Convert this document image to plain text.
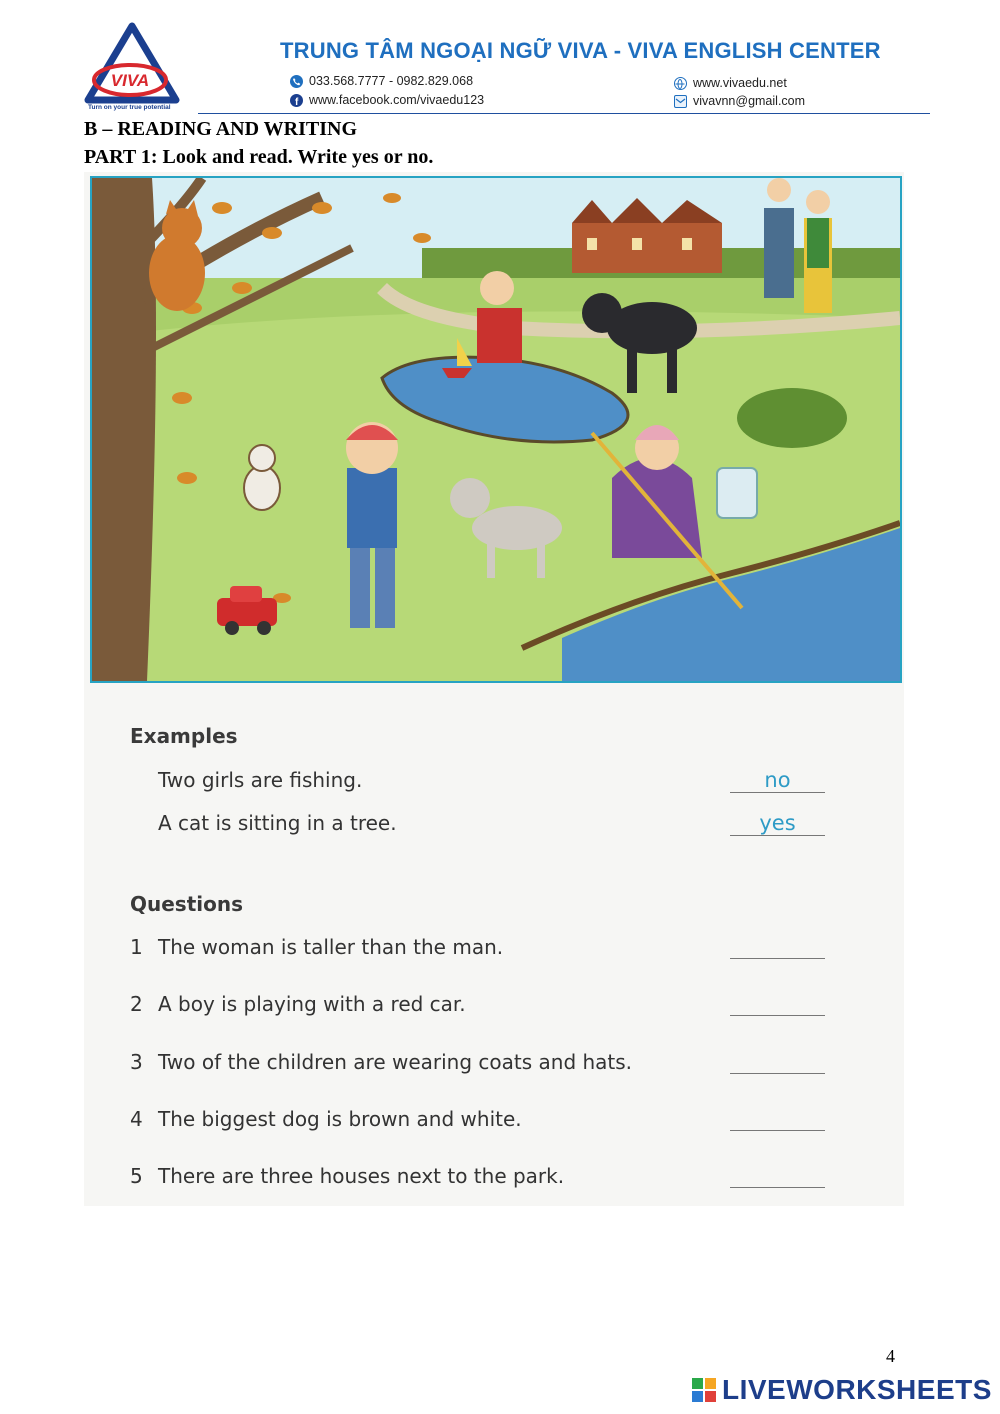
VIVA
Turn on your true potential
TRUNG TÂM NGOẠI NGỮ VIVA - VIVA ENGLISH CENTER
033.568.7777 - 0982.829.068
f www.facebook.com/vivaedu123
www.vivaedu.net
vivavnn@gmail.com
B – READING AND WRITING
PART 1: Look and read. Write yes or no.
Examples
Two girls are fishing.	no
A cat is sitting in a tree.	yes
Questions
1 The woman is taller than the man.
2 A boy is playing with a red car.
3 Two of the children are wearing coats and hats.
4 The biggest dog is brown and white.
5 There are three houses next to the park.
4
LIVEWORKSHEETS
